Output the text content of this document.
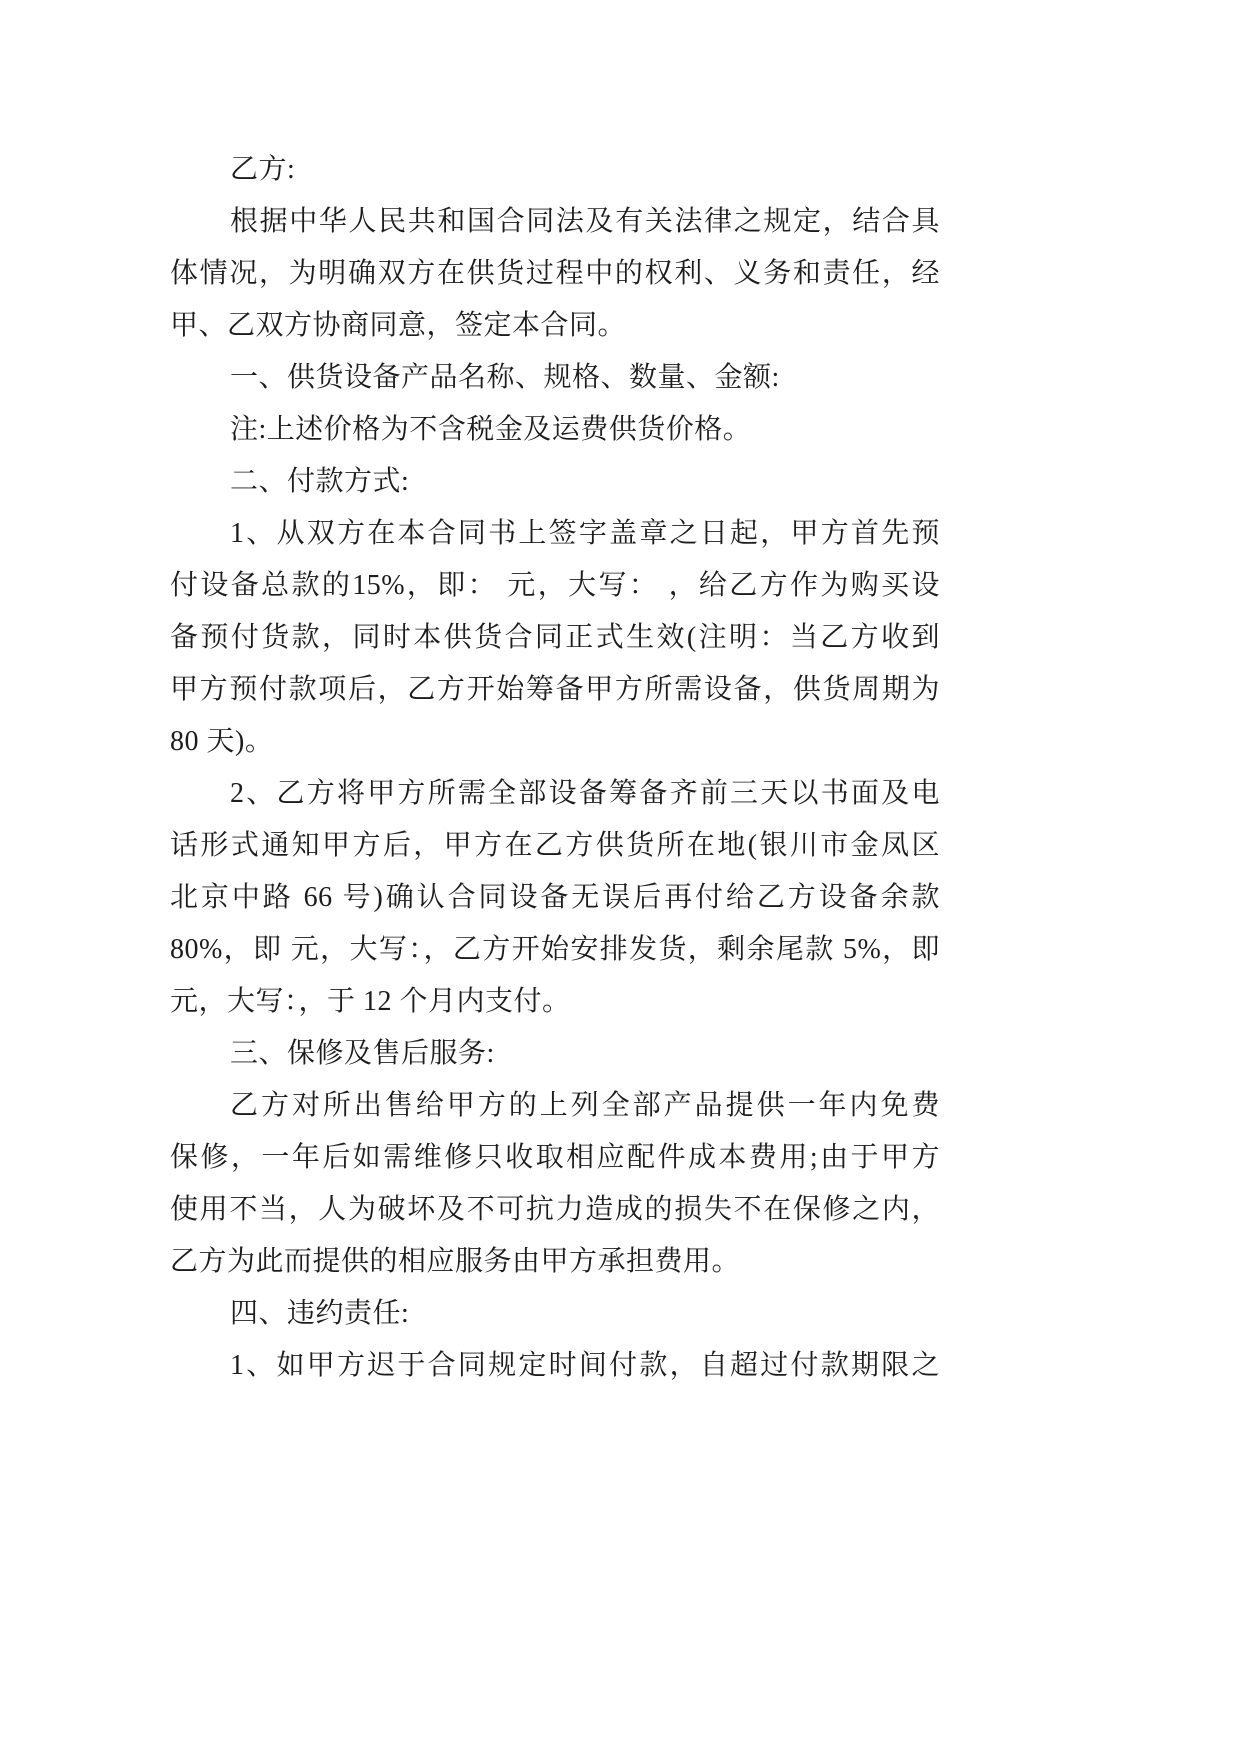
乙方:
根据中华人民共和国合同法及有关法律之规定，结合具
体情况，为明确双方在供货过程中的权利、义务和责任，经
甲、乙双方协商同意，签定本合同。
一、供货设备产品名称、规格、数量、金额:
注:上述价格为不含税金及运费供货价格。
二、付款方式:
1、从双方在本合同书上签字盖章之日起，甲方首先预
付设备总款的15%，即： 元，大写： ，给乙方作为购买设
备预付货款，同时本供货合同正式生效(注明：当乙方收到
甲方预付款项后，乙方开始筹备甲方所需设备，供货周期为
80 天)。
2、乙方将甲方所需全部设备筹备齐前三天以书面及电
话形式通知甲方后，甲方在乙方供货所在地(银川市金凤区
北京中路 66 号)确认合同设备无误后再付给乙方设备余款
80%，即 元，大写：，乙方开始安排发货，剩余尾款 5%，即
元，大写：，于 12 个月内支付。
三、保修及售后服务:
乙方对所出售给甲方的上列全部产品提供一年内免费
保修，一年后如需维修只收取相应配件成本费用;由于甲方
使用不当，人为破坏及不可抗力造成的损失不在保修之内，
乙方为此而提供的相应服务由甲方承担费用。
四、违约责任:
1、如甲方迟于合同规定时间付款，自超过付款期限之
